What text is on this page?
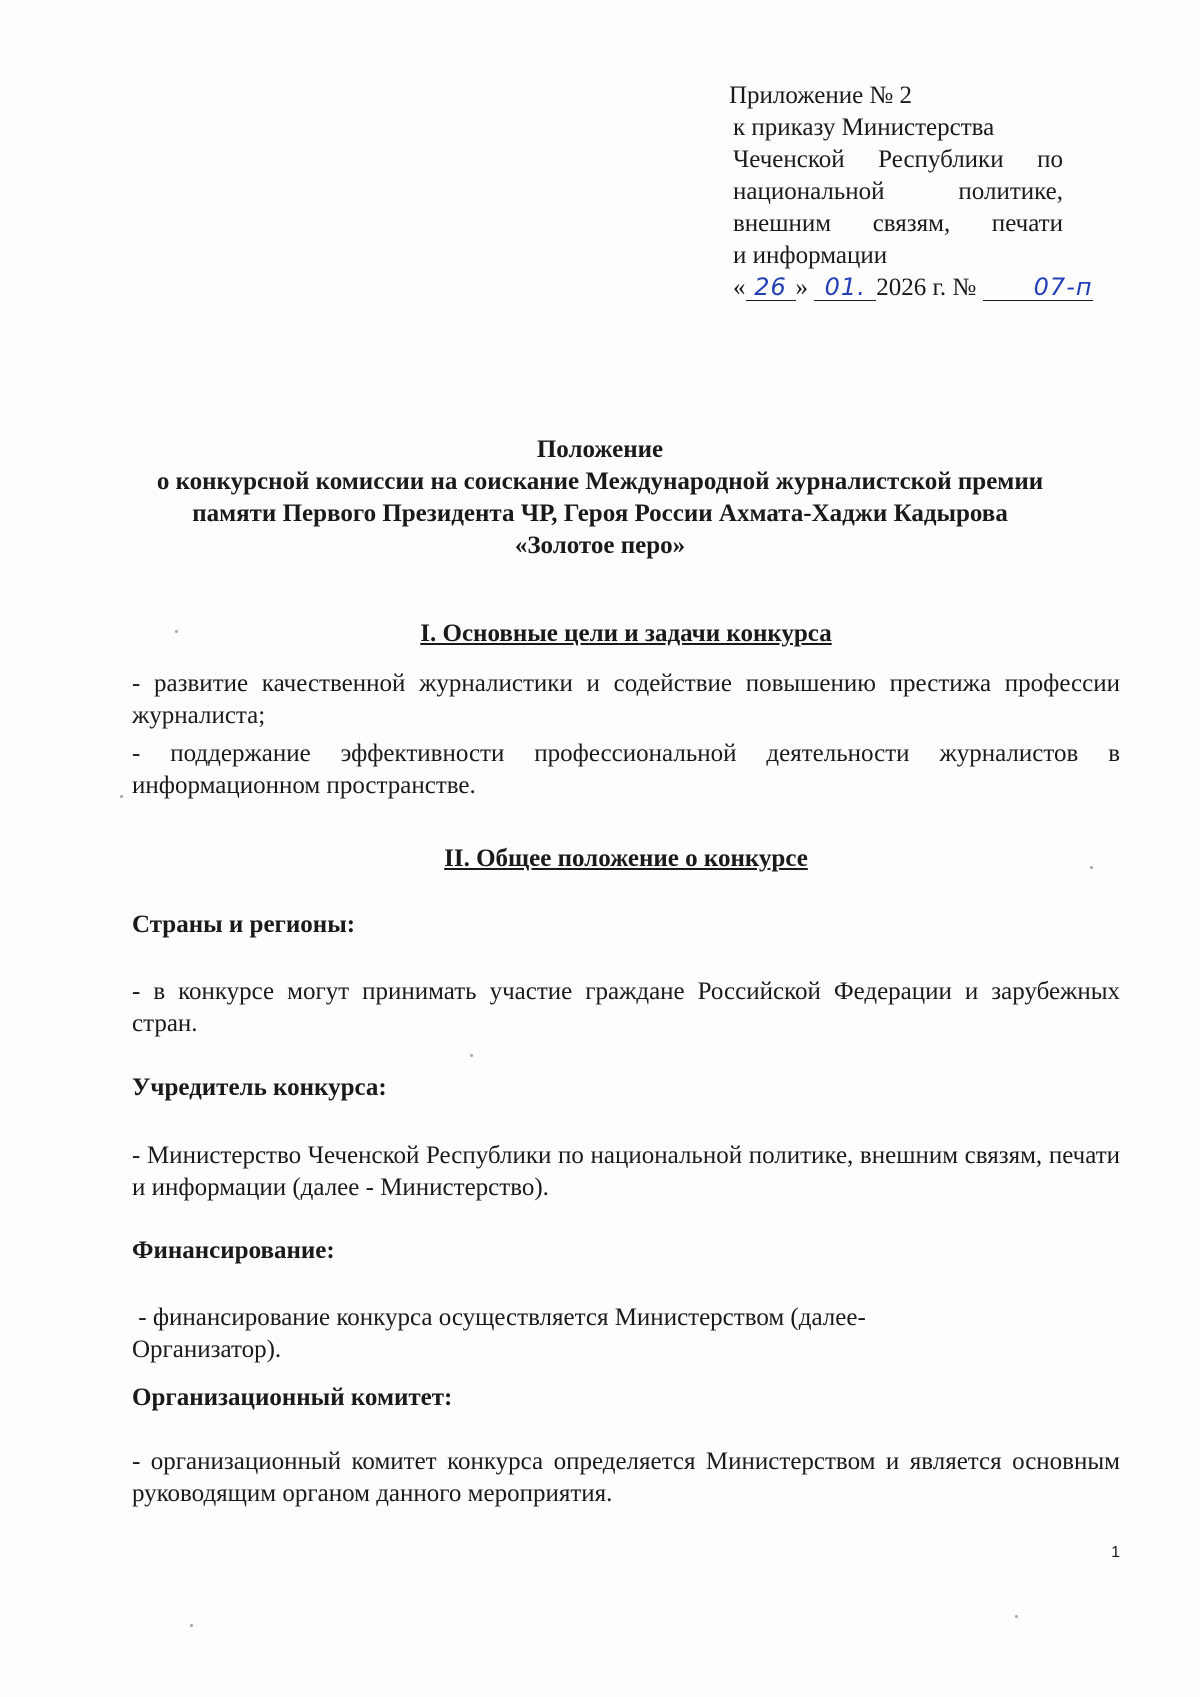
Приложение № 2
к приказу Министерства
Чеченской Республики по
национальной политике,
внешним связям, печати
и информации
« 26 » 01. 2026 г. № 07-п
Положение
о конкурсной комиссии на соискание Международной журналистской премии
памяти Первого Президента ЧР, Героя России Ахмата-Хаджи Кадырова
«Золотое перо»
I. Основные цели и задачи конкурса
- развитие качественной журналистики и содействие повышению престижа профессии журналиста;
- поддержание эффективности профессиональной деятельности журналистов в информационном пространстве.
II. Общее положение о конкурсе
Страны и регионы:
- в конкурсе могут принимать участие граждане Российской Федерации и зарубежных стран.
Учредитель конкурса:
- Министерство Чеченской Республики по национальной политике, внешним связям, печати и информации (далее - Министерство).
Финансирование:
- финансирование конкурса осуществляется Министерством (далее-
Организатор).
Организационный комитет:
- организационный комитет конкурса определяется Министерством и является основным руководящим органом данного мероприятия.
1
